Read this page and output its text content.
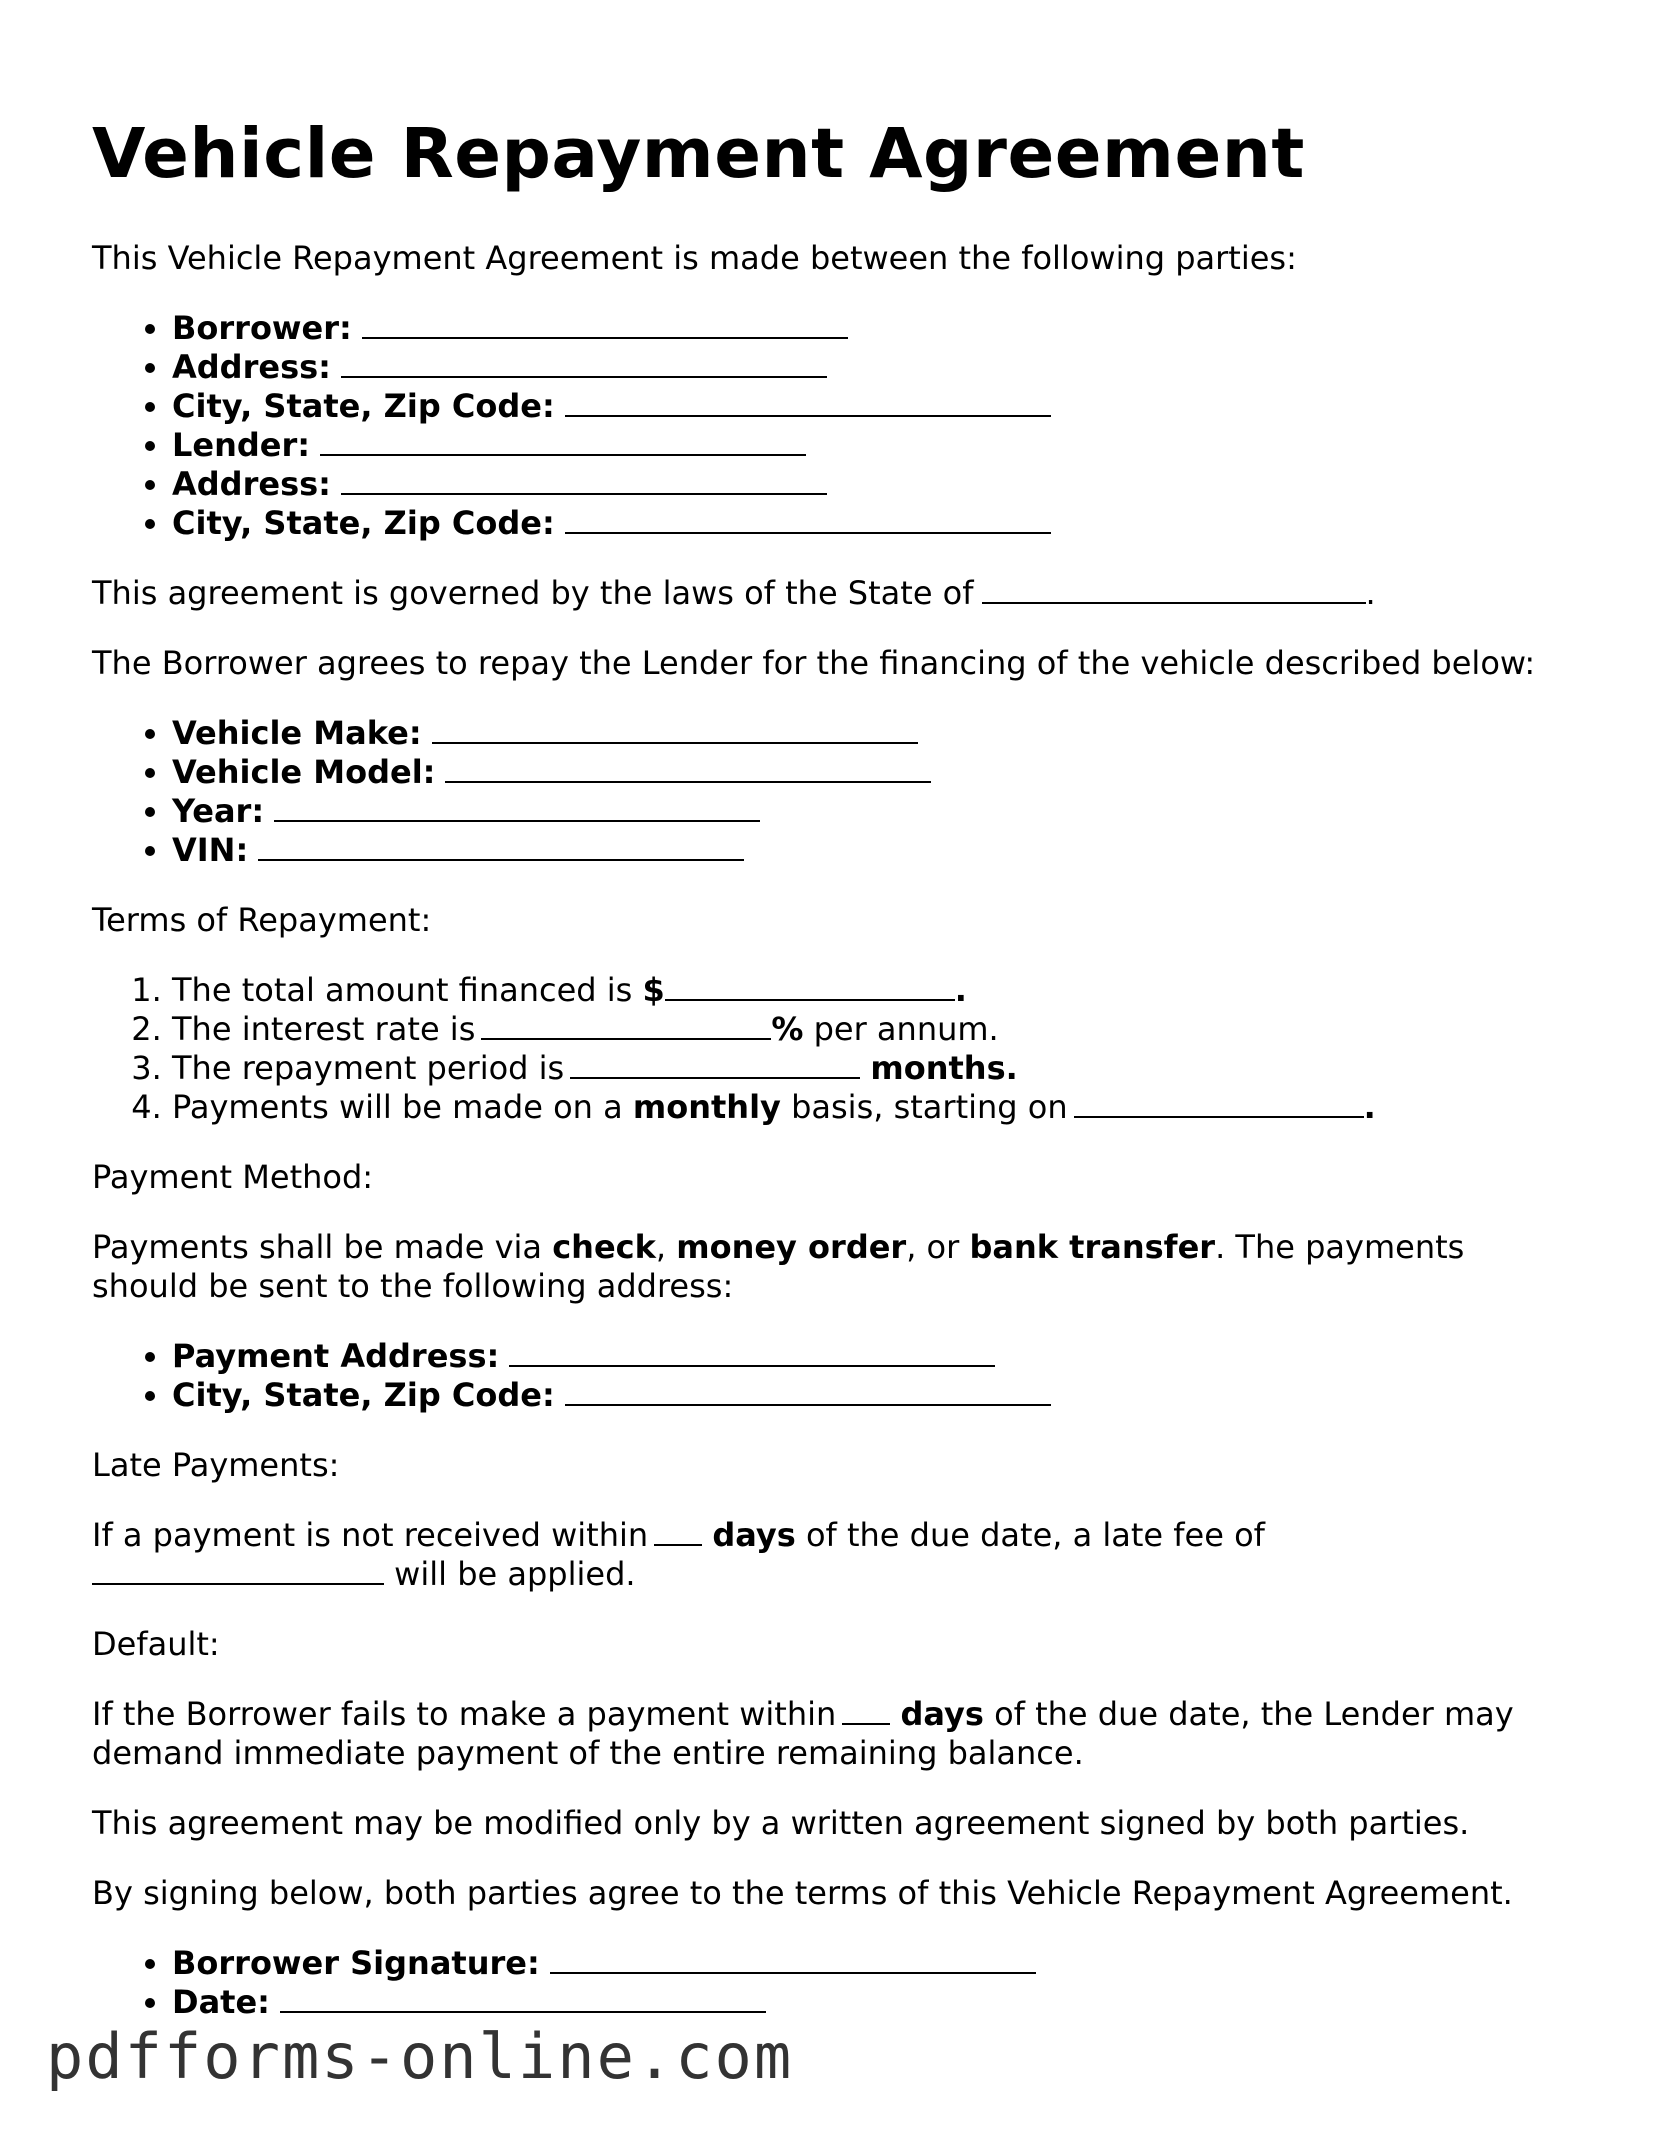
Vehicle Repayment Agreement

This Vehicle Repayment Agreement is made between the following parties:

• Borrower:
• Address:
• City, State, Zip Code:
• Lender:
• Address:
• City, State, Zip Code:

This agreement is governed by the laws of the State of	.

The Borrower agrees to repay the Lender for the financing of the vehicle described below:

• Vehicle Make:
• Vehicle Model:
• Year:
• VIN:

Terms of Repayment:

1. The total amount financed is $	.
2. The interest rate is	% per annum.
3. The repayment period is	months.
4. Payments will be made on a monthly basis, starting on	.

Payment Method:

Payments shall be made via check, money order, or bank transfer. The payments should be sent to the following address:

• Payment Address:
• City, State, Zip Code:

Late Payments:

If a payment is not received within days of the due date, a late fee of
will be applied.

Default:

If the Borrower fails to make a payment within days of the due date, the Lender may demand immediate payment of the entire remaining balance.

This agreement may be modified only by a written agreement signed by both parties.

By signing below, both parties agree to the terms of this Vehicle Repayment Agreement.

• Borrower Signature:
• Date:
pdfforms-online.com
